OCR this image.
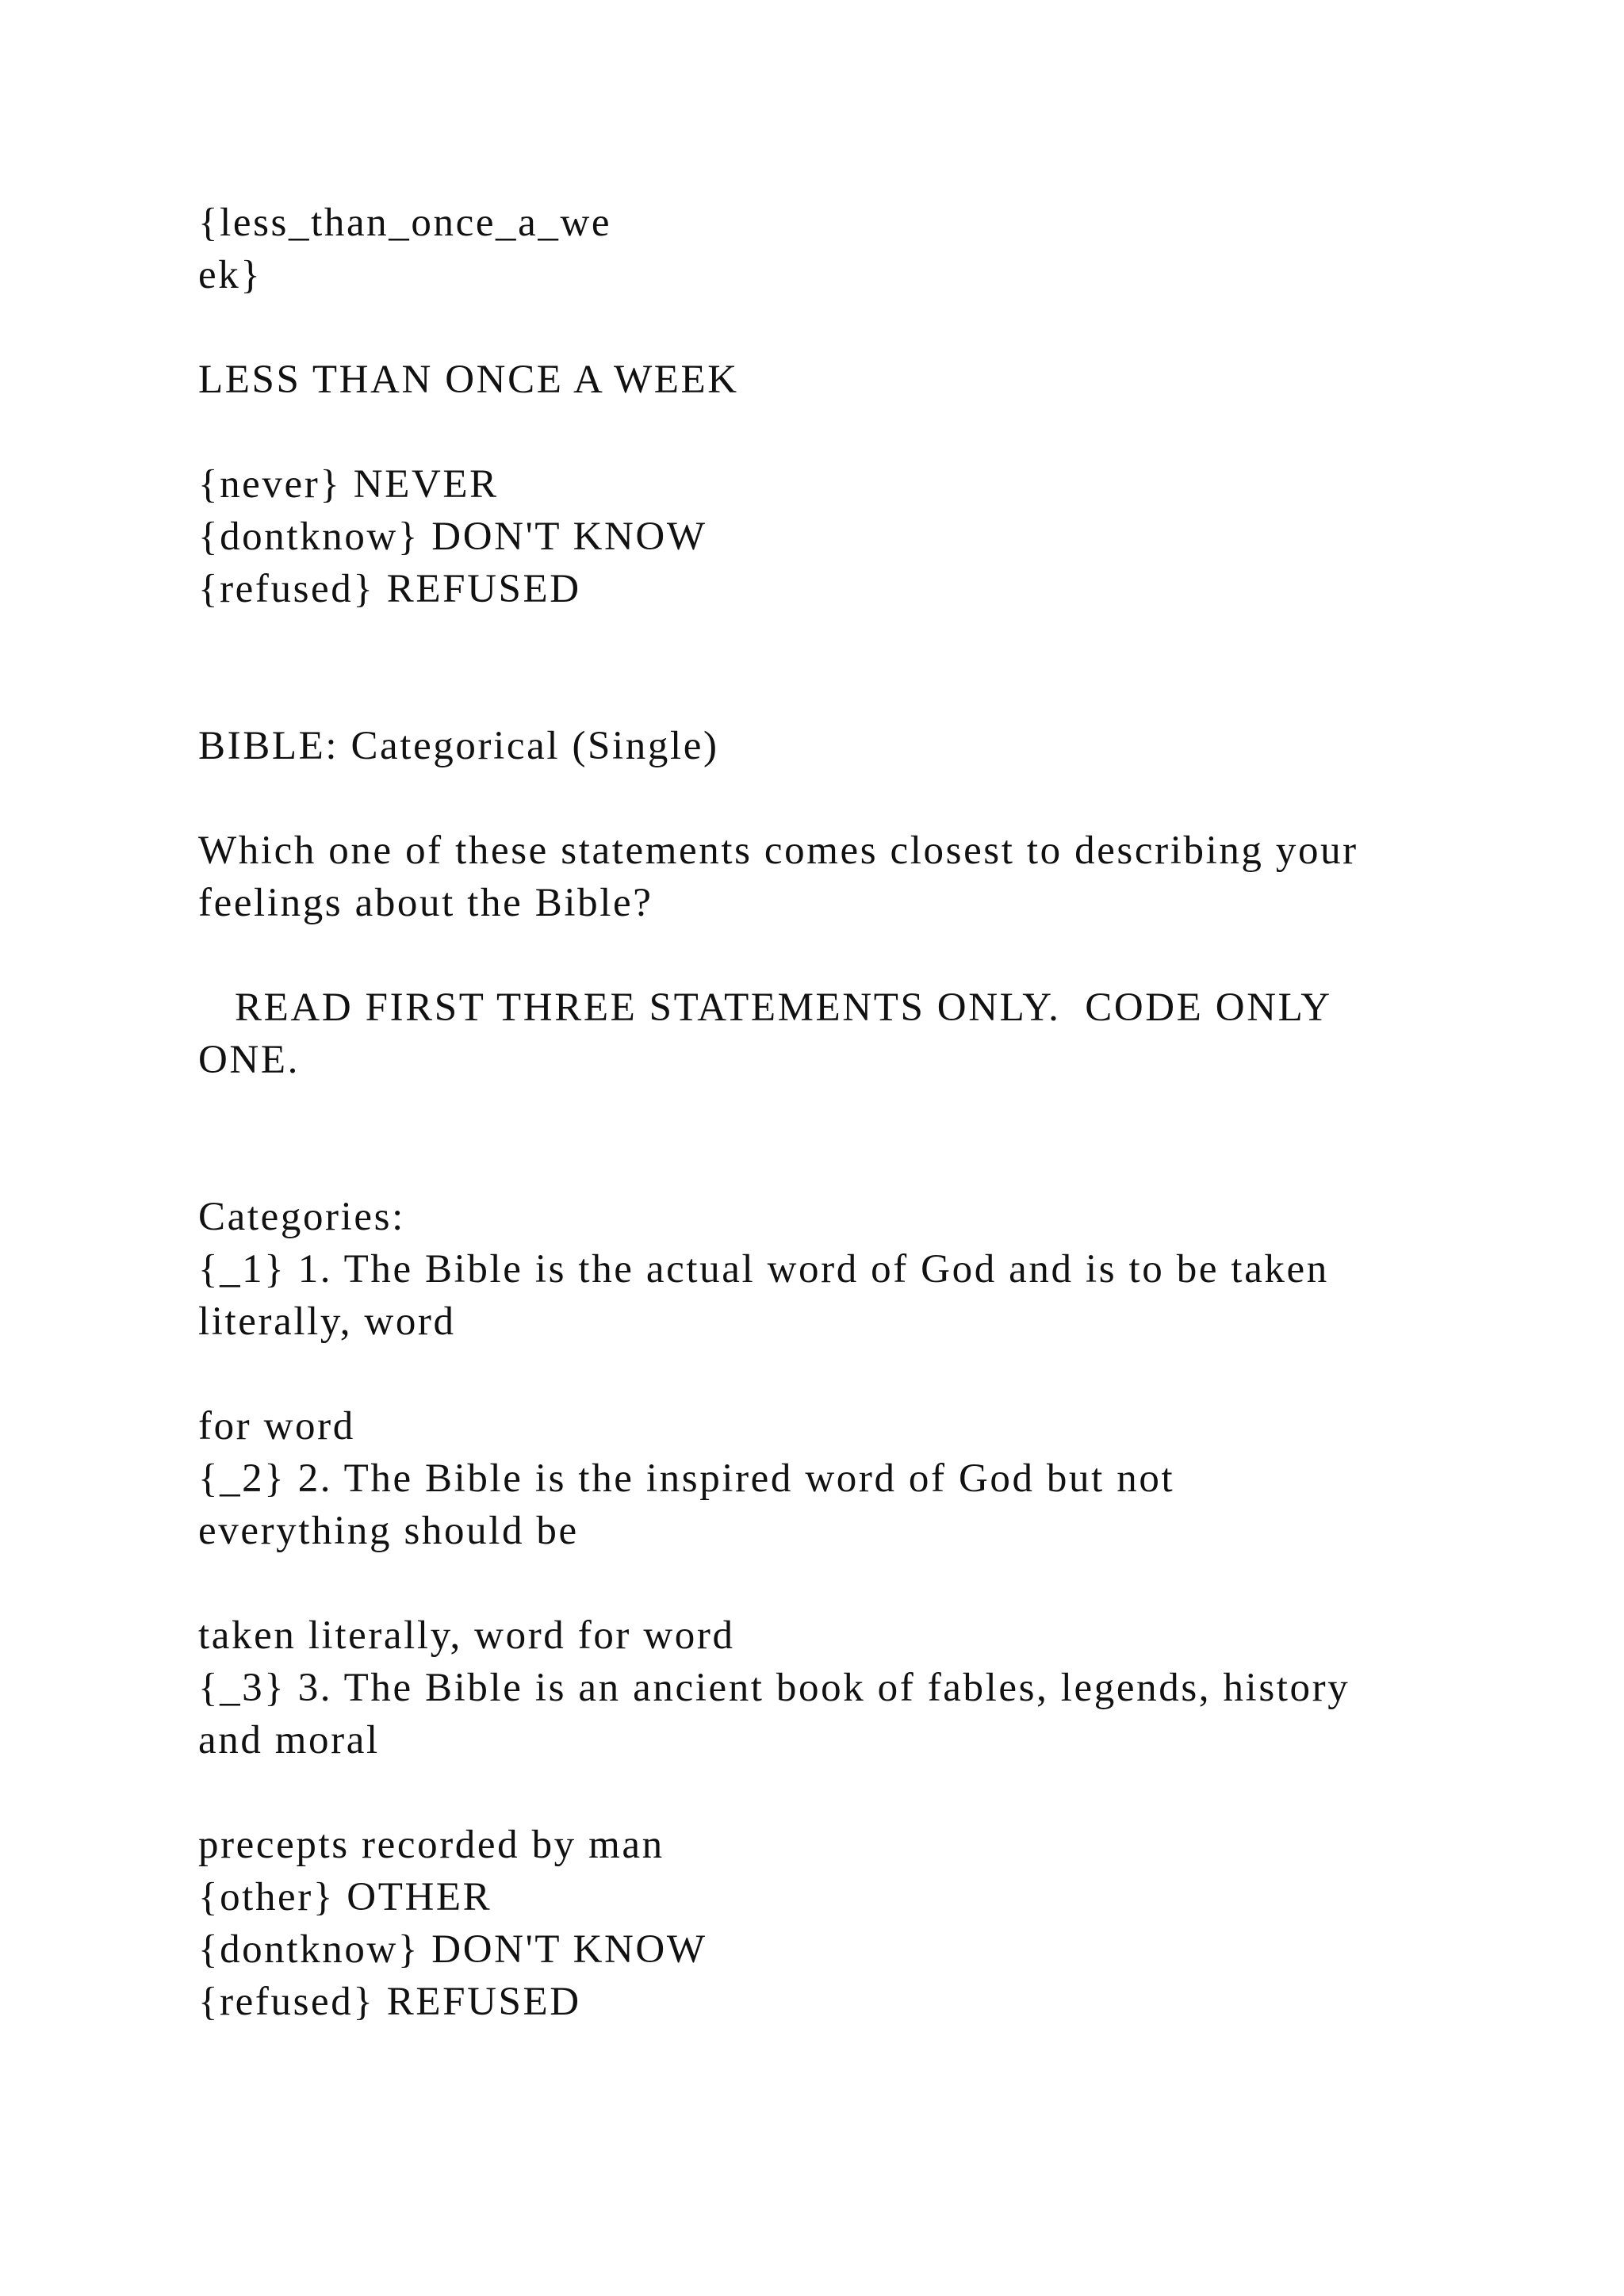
{less_than_once_a_we
ek}
LESS THAN ONCE A WEEK
{never} NEVER
{dontknow} DON'T KNOW
{refused} REFUSED
BIBLE: Categorical (Single)
Which one of these statements comes closest to describing your
feelings about the Bible?
READ FIRST THREE STATEMENTS ONLY.  CODE ONLY
ONE.
Categories:
{_1} 1. The Bible is the actual word of God and is to be taken
literally, word
for word
{_2} 2. The Bible is the inspired word of God but not
everything should be
taken literally, word for word
{_3} 3. The Bible is an ancient book of fables, legends, history
and moral
precepts recorded by man
{other} OTHER
{dontknow} DON'T KNOW
{refused} REFUSED
